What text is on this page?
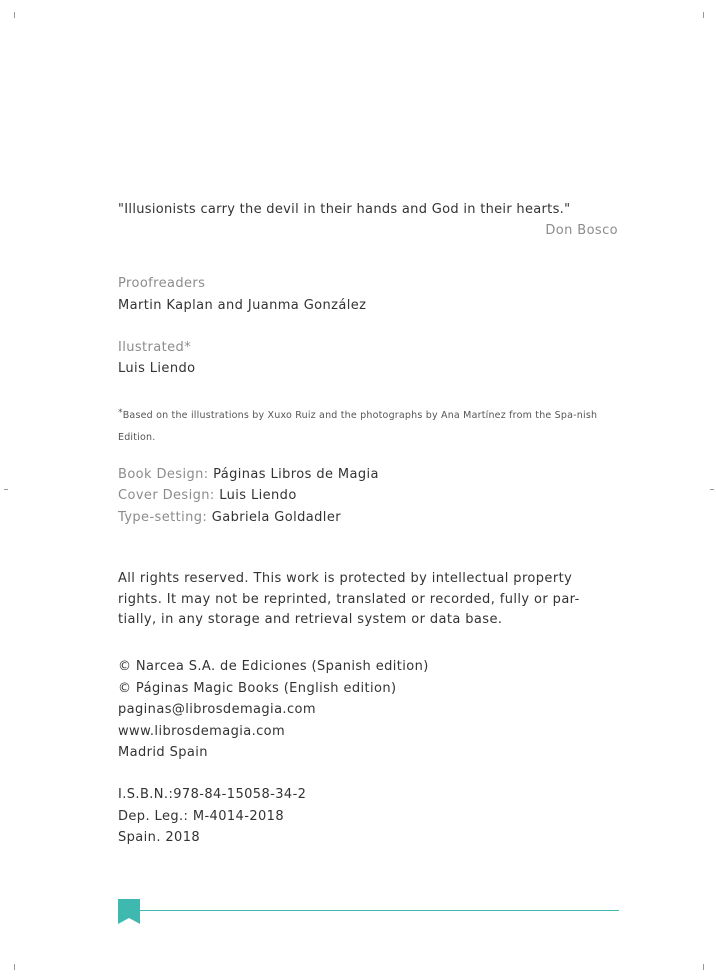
"Illusionists carry the devil in their hands and God in their hearts."
Don Bosco
Proofreaders
Martin Kaplan and Juanma González
Ilustrated*
Luis Liendo
*Based on the illustrations by Xuxo Ruiz and the photographs by Ana Martínez from the Spa-nish Edition.
Book Design: Páginas Libros de Magia
Cover Design: Luis Liendo
Type-setting: Gabriela Goldadler
All rights reserved. This work is protected by intellectual property rights. It may not be reprinted, translated or recorded, fully or par-tially, in any storage and retrieval system or data base.
© Narcea S.A. de Ediciones (Spanish edition)
© Páginas Magic Books (English edition)
paginas@librosdemagia.com
www.librosdemagia.com
Madrid Spain
I.S.B.N.:978-84-15058-34-2
Dep. Leg.: M-4014-2018
Spain. 2018
